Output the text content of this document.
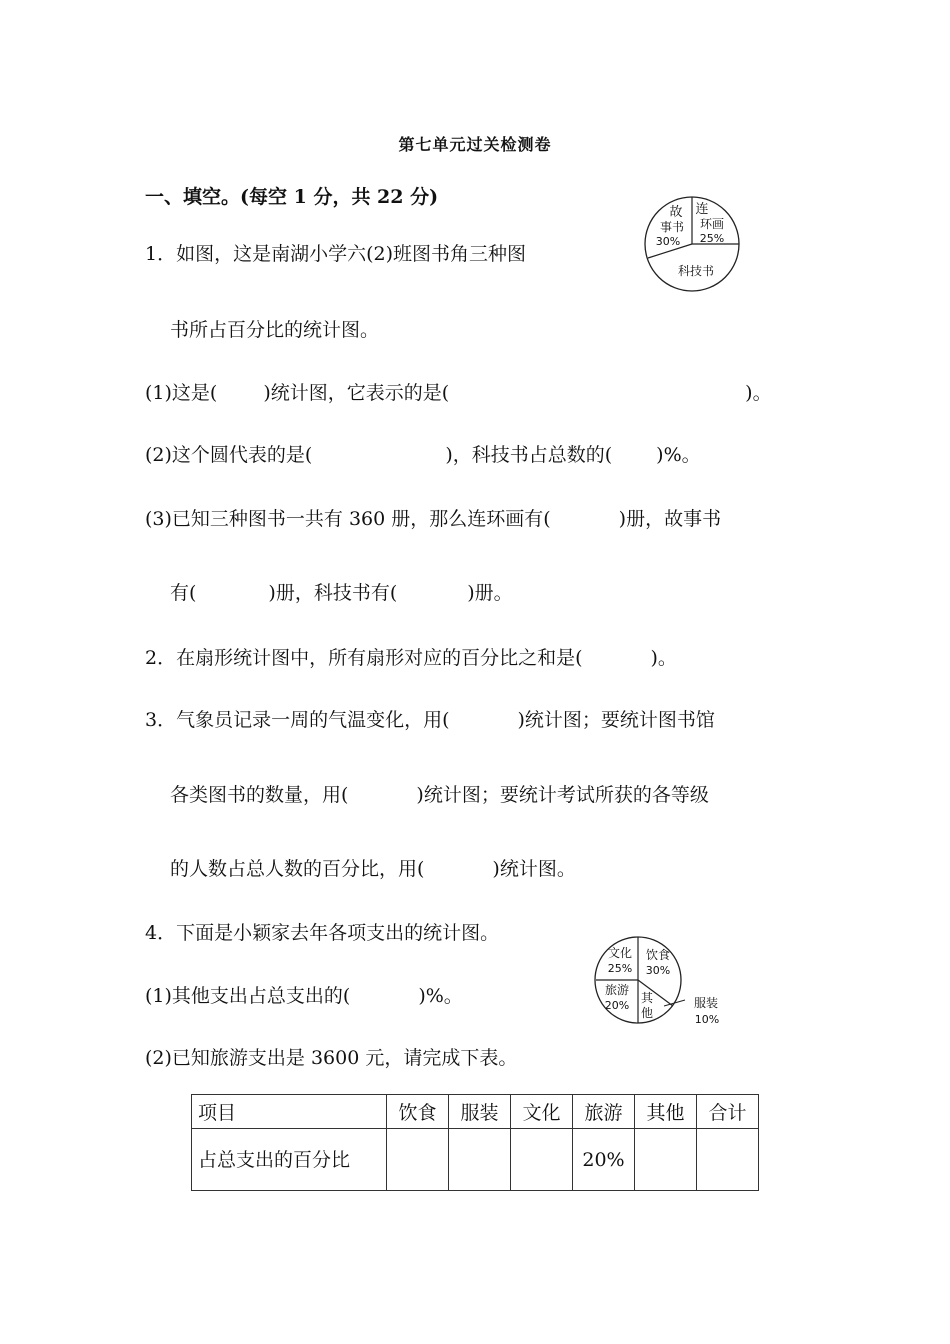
第七单元过关检测卷
一、填空。(每空 1 分，共 22 分)
1．如图，这是南湖小学六(2)班图书角三种图
书所占百分比的统计图。
(1)这是( )统计图，它表示的是(	)。
(2)这个圆代表的是(	)，科技书占总数的( )%。
(3)已知三种图书一共有 360 册，那么连环画有(	)册，故事书
有(	)册，科技书有(	)册。
2．在扇形统计图中，所有扇形对应的百分比之和是(	)。
3．气象员记录一周的气温变化，用(	)统计图；要统计图书馆
各类图书的数量，用(	)统计图；要统计考试所获的各等级
的人数占总人数的百分比，用(	)统计图。
4．下面是小颖家去年各项支出的统计图。
(1)其他支出占总支出的(	)%。
(2)已知旅游支出是 3600 元，请完成下表。
故
事书
30%
连
环画
25%
科技书
文化
25%
饮食
30%
旅游
20%
其
他
服装
10%
项目	饮食	服装	文化	旅游	其他	合计
占总支出的百分比				20%		
